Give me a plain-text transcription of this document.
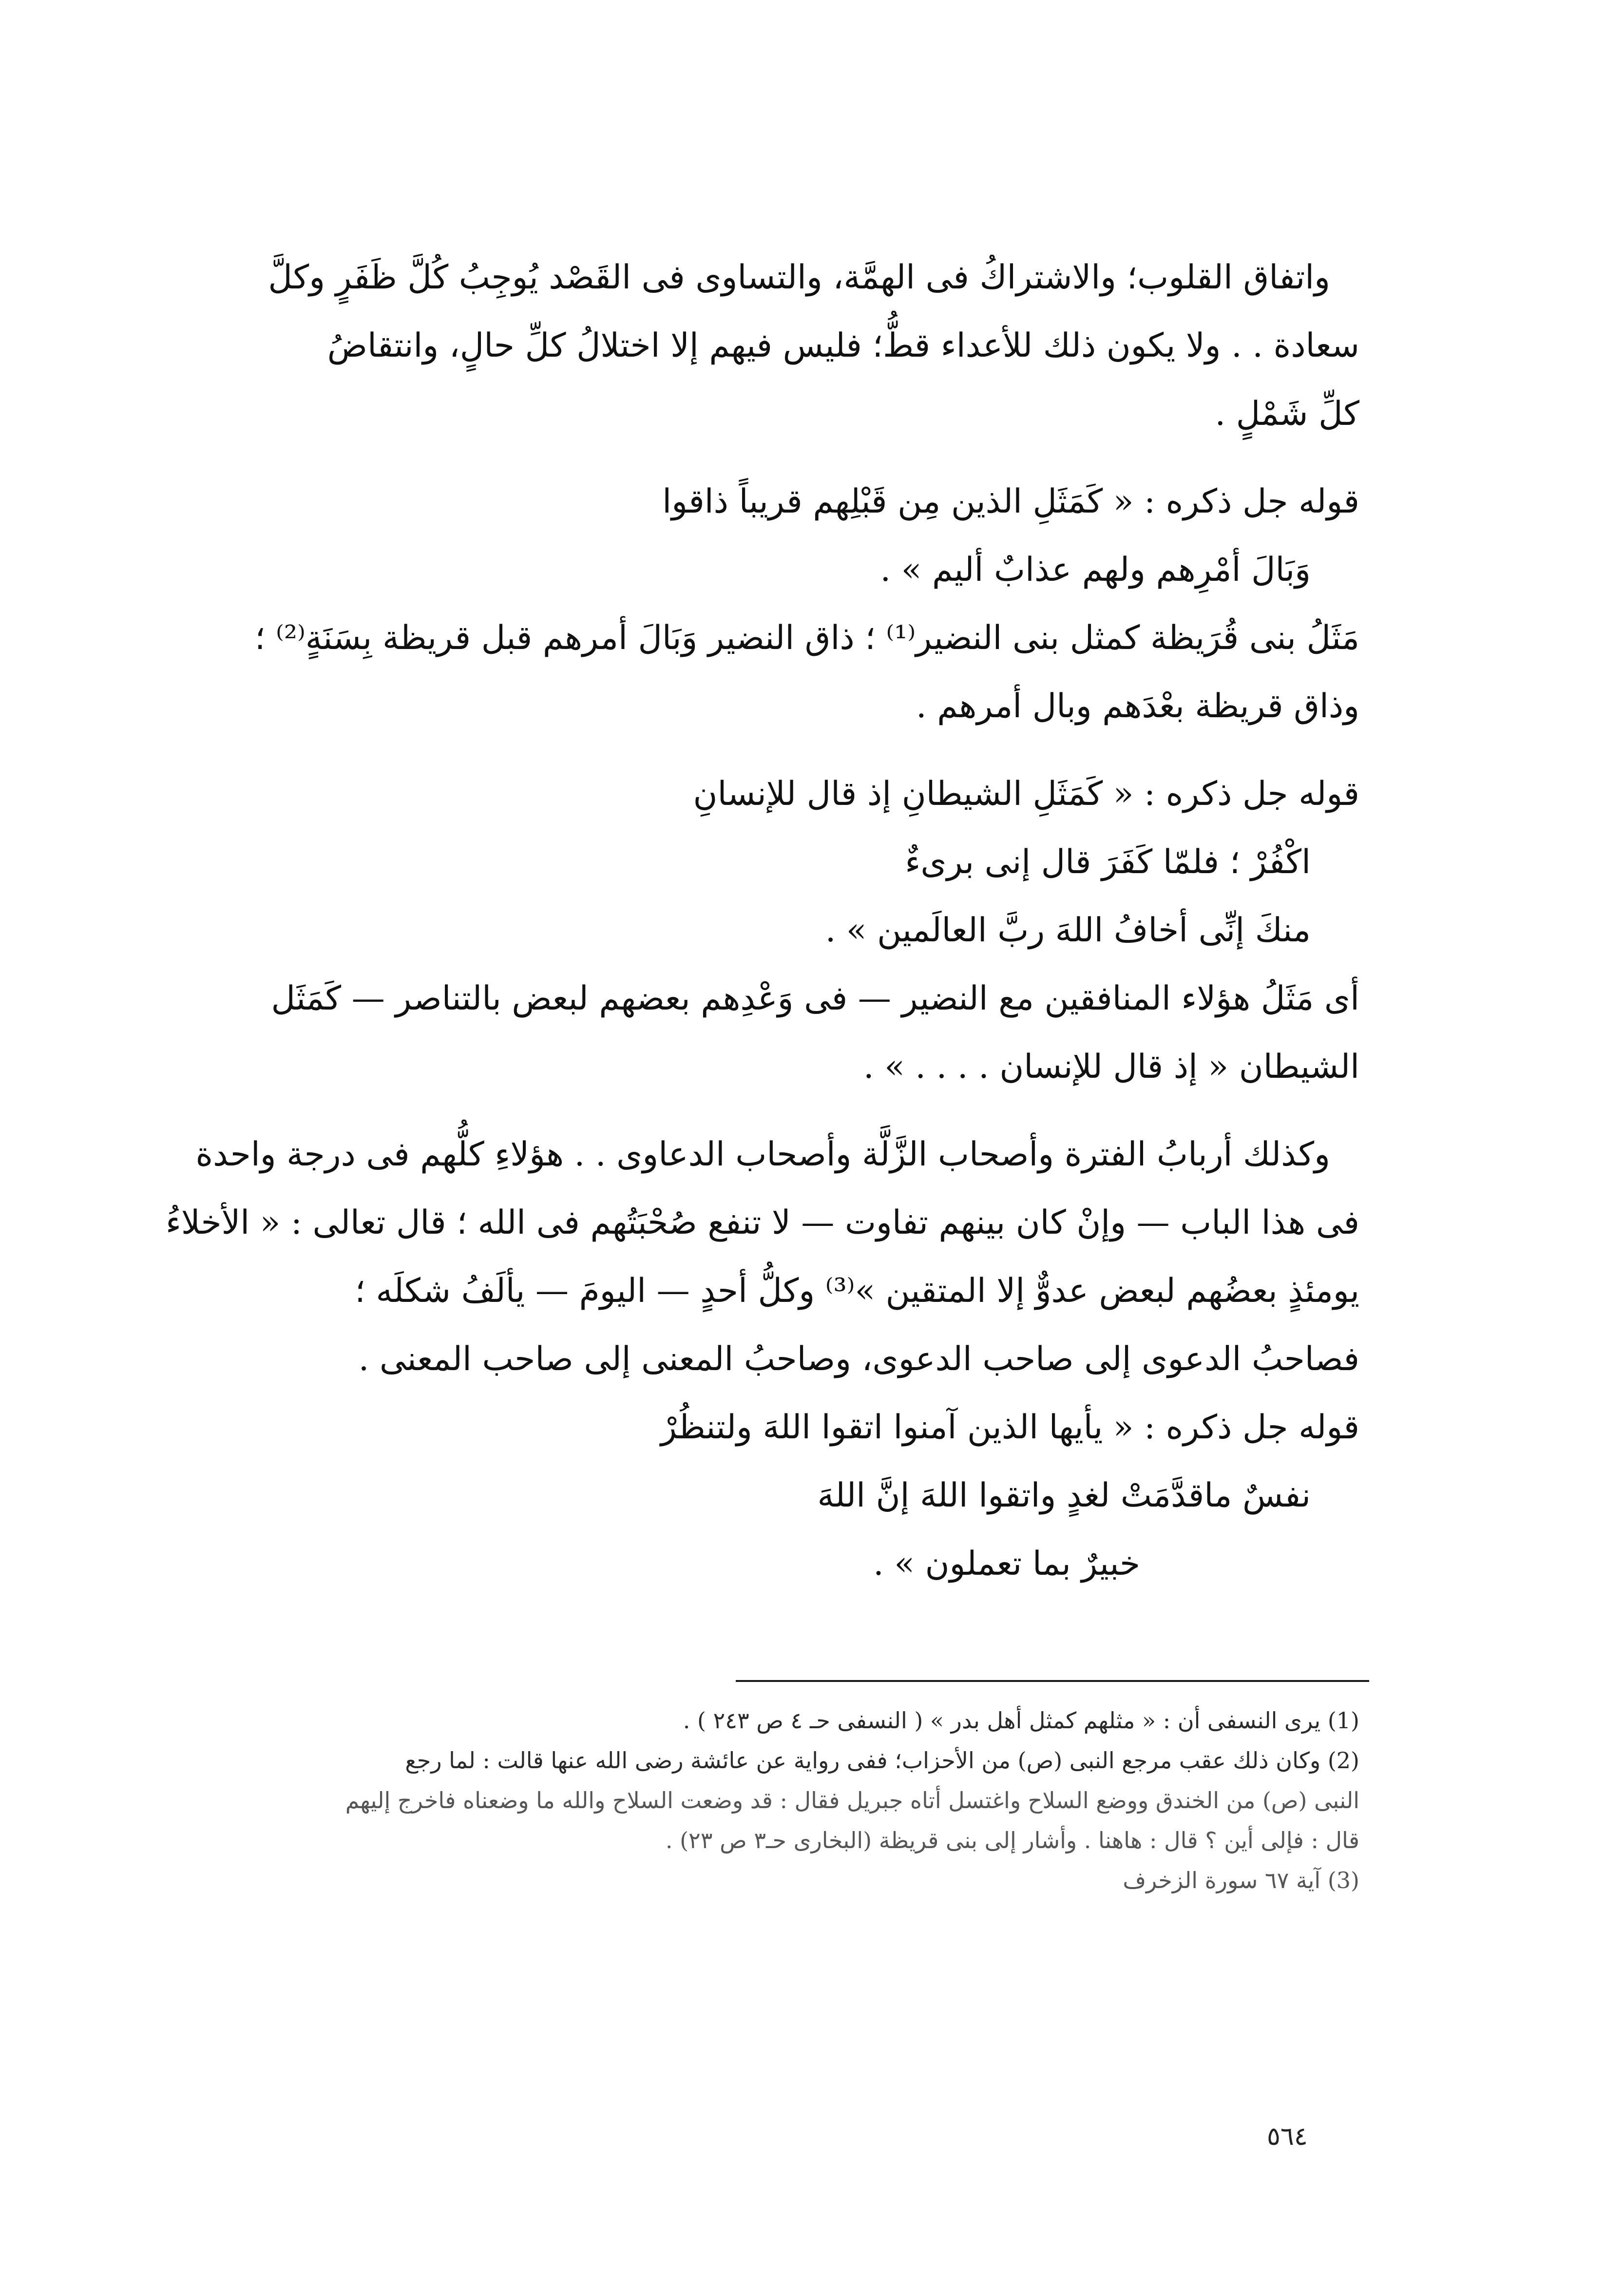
واتفاق القلوب؛ والاشتراكُ فى الهمَّة، والتساوى فى القَصْد يُوجِبُ كُلَّ ظَفَرٍ وكلَّ

سعادة . . ولا يكون ذلك للأعداء قطُّ؛ فليس فيهم إلا اختلالُ كلِّ حالٍ، وانتقاضُ

كلِّ شَمْلٍ .

قوله جل ذكره : « كَمَثَلِ الذين مِن قَبْلِهم قريباً ذاقوا

وَبَالَ أمْرِهم ولهم عذابٌ أليم » .

مَثَلُ بنى قُرَيظة كمثل بنى النضير⁽¹⁾ ؛ ذاق النضير وَبَالَ أمرهم قبل قريظة بِسَنَةٍ⁽²⁾ ؛

وذاق قريظة بعْدَهم وبال أمرهم .

قوله جل ذكره : « كَمَثَلِ الشيطانِ إذ قال للإنسانِ

اكْفُرْ ؛ فلمّا كَفَرَ قال إنى برىءٌ

منكَ إنِّى أخافُ اللهَ ربَّ العالَمين » .

أى مَثَلُ هؤلاء المنافقين مع النضير — فى وَعْدِهم بعضهم لبعض بالتناصر — كَمَثَل

الشيطان « إذ قال للإنسان . . . . » .

وكذلك أربابُ الفترة وأصحاب الزَّلَّة وأصحاب الدعاوى . . هؤلاءِ كلُّهم فى درجة واحدة

فى هذا الباب — وإنْ كان بينهم تفاوت — لا تنفع صُحْبَتُهم فى الله ؛ قال تعالى : « الأخلاءُ

يومئذٍ بعضُهم لبعض عدوٌّ إلا المتقين »⁽³⁾ وكلُّ أحدٍ — اليومَ — يألَفُ شكلَه ؛

فصاحبُ الدعوى إلى صاحب الدعوى، وصاحبُ المعنى إلى صاحب المعنى .

قوله جل ذكره : « يأيها الذين آمنوا اتقوا اللهَ ولتنظُرْ

نفسٌ ماقدَّمَتْ لغدٍ واتقوا اللهَ إنَّ اللهَ

خبيرٌ بما تعملون » .

(1) يرى النسفى أن : « مثلهم كمثل أهل بدر » ( النسفى حـ ٤ ص ٢٤٣ ) .

(2) وكان ذلك عقب مرجع النبى (ص) من الأحزاب؛ ففى رواية عن عائشة رضى الله عنها قالت : لما رجع

النبى (ص) من الخندق ووضع السلاح واغتسل أتاه جبريل فقال : قد وضعت السلاح والله ما وضعناه فاخرج إليهم

قال : فإلى أين ؟ قال : هاهنا . وأشار إلى بنى قريظة (البخارى حـ٣ ص ٢٣) .

(3) آية ٦٧ سورة الزخرف

٥٦٤
